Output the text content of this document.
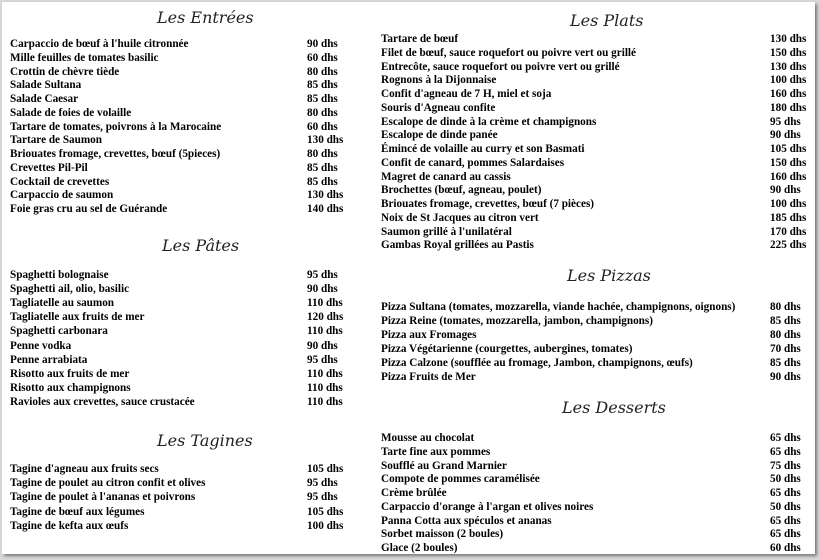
Les Entrées
Carpaccio de bœuf à l'huile citronnée	90 dhs
Mille feuilles de tomates basilic	60 dhs
Crottin de chèvre tiède	80 dhs
Salade Sultana	85 dhs
Salade Caesar	85 dhs
Salade de foies de volaille	80 dhs
Tartare de tomates, poivrons à la Marocaine	60 dhs
Tartare de Saumon	130 dhs
Briouates fromage, crevettes, bœuf (5pieces)	80 dhs
Crevettes Pil-Pil	85 dhs
Cocktail de crevettes	85 dhs
Carpaccio de saumon	130 dhs
Foie gras cru au sel de Guérande	140 dhs
Les Pâtes
Spaghetti bolognaise	95 dhs
Spaghetti ail, olio, basilic	90 dhs
Tagliatelle au saumon	110 dhs
Tagliatelle aux fruits de mer	120 dhs
Spaghetti carbonara	110 dhs
Penne vodka	90 dhs
Penne arrabiata	95 dhs
Risotto aux fruits de mer	110 dhs
Risotto aux champignons	110 dhs
Ravioles aux crevettes, sauce crustacée	110 dhs
Les Tagines
Tagine d'agneau aux fruits secs	105 dhs
Tagine de poulet au citron confit et olives	95 dhs
Tagine de poulet à l'ananas et poivrons	95 dhs
Tagine de bœuf aux légumes	105 dhs
Tagine de kefta aux œufs	100 dhs
Les Plats
Tartare de bœuf	130 dhs
Filet de bœuf, sauce roquefort ou poivre vert ou grillé	150 dhs
Entrecôte, sauce roquefort ou poivre vert ou grillé	130 dhs
Rognons à la Dijonnaise	100 dhs
Confit d'agneau de 7 H, miel et soja	160 dhs
Souris d'Agneau confite	180 dhs
Escalope de dinde à la crème et champignons	95 dhs
Escalope de dinde panée	90 dhs
Émincé de volaille au curry et son Basmati	105 dhs
Confit de canard, pommes Salardaises	150 dhs
Magret de canard au cassis	160 dhs
Brochettes (bœuf, agneau, poulet)	90 dhs
Briouates fromage, crevettes, bœuf (7 pièces)	100 dhs
Noix de St Jacques au citron vert	185 dhs
Saumon grillé à l'unilatéral	170 dhs
Gambas Royal grillées au Pastis	225 dhs
Les Pizzas
Pizza Sultana (tomates, mozzarella, viande hachée, champignons, oignons)	80 dhs
Pizza Reine (tomates, mozzarella, jambon, champignons)	85 dhs
Pizza aux Fromages	80 dhs
Pizza Végétarienne (courgettes, aubergines, tomates)	70 dhs
Pizza Calzone (soufflée au fromage, Jambon, champignons, œufs)	85 dhs
Pizza Fruits de Mer	90 dhs
Les Desserts
Mousse au chocolat	65 dhs
Tarte fine aux pommes	65 dhs
Soufflé au Grand Marnier	75 dhs
Compote de pommes caramélisée	50 dhs
Crème brûlée	65 dhs
Carpaccio d'orange à l'argan et olives noires	50 dhs
Panna Cotta aux spéculos et ananas	65 dhs
Sorbet maisson (2 boules)	65 dhs
Glace (2 boules)	60 dhs
